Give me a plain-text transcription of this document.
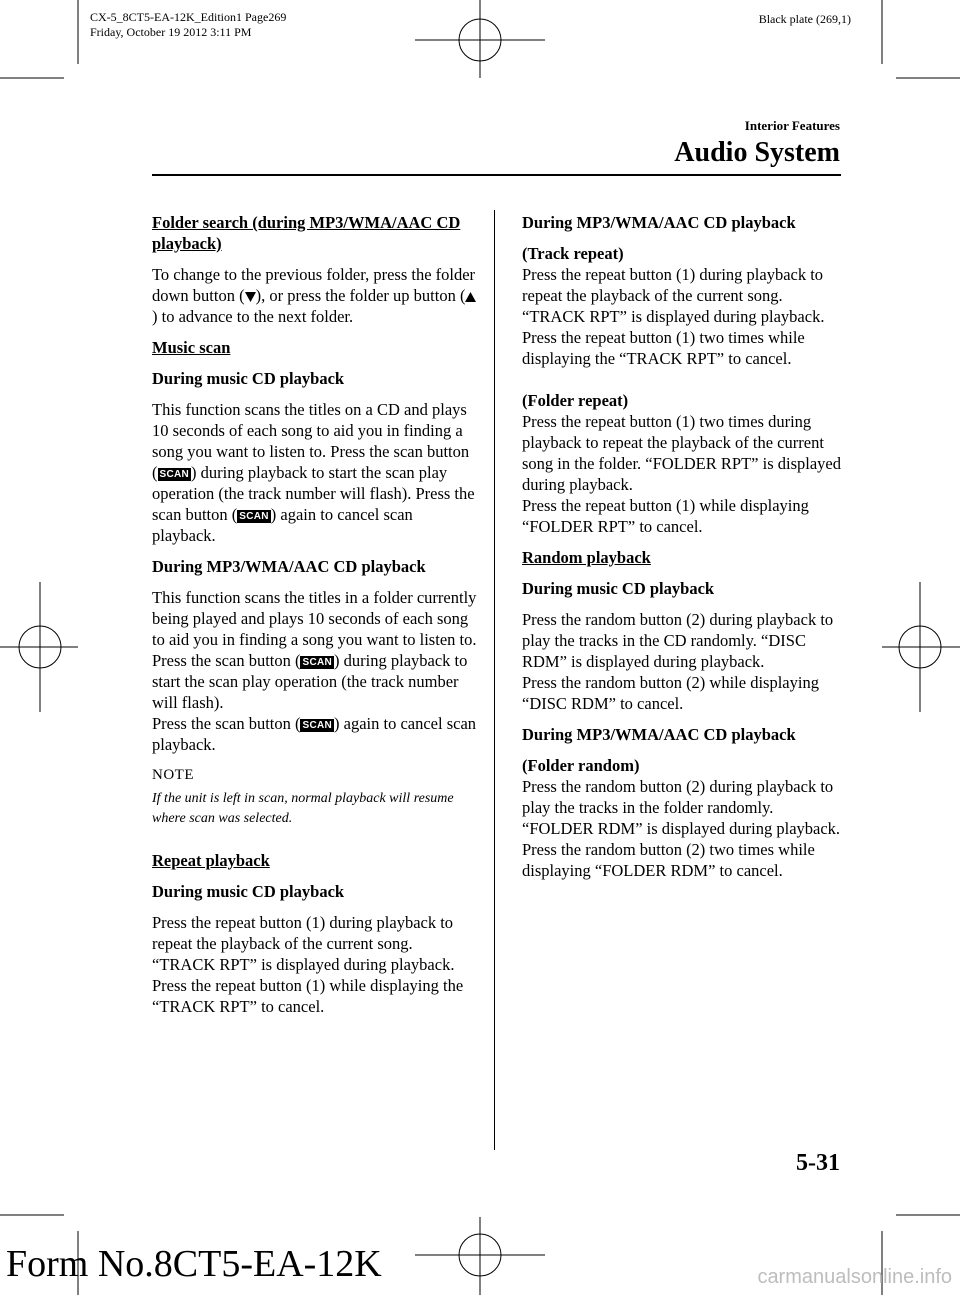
CX-5_8CT5-EA-12K_Edition1 Page269
Friday, October 19 2012 3:11 PM
Black plate (269,1)
Interior Features
Audio System
Folder search (during MP3/WMA/AAC CD playback)

To change to the previous folder, press the folder down button ( ), or press the folder up button () to advance to the next folder.

Music scan
During music CD playback

This function scans the titles on a CD and plays 10 seconds of each song to aid you in finding a song you want to listen to. Press the scan button ( SCAN ) during playback to start the scan play operation (the track number will flash). Press the scan button ( SCAN ) again to cancel scan playback.

During MP3/WMA/AAC CD playback

This function scans the titles in a folder currently being played and plays 10 seconds of each song to aid you in finding a song you want to listen to. Press the scan button ( SCAN ) during playback to start the scan play operation (the track number will flash).
Press the scan button ( SCAN ) again to cancel scan playback.

NOTE

If the unit is left in scan, normal playback will resume where scan was selected.

Repeat playback
During music CD playback

Press the repeat button (1) during playback to repeat the playback of the current song. “TRACK RPT” is displayed during playback.

Press the repeat button (1) while displaying the “TRACK RPT” to cancel.

During MP3/WMA/AAC CD playback
(Track repeat)

Press the repeat button (1) during playback to repeat the playback of the current song. “TRACK RPT” is displayed during playback.

Press the repeat button (1) two times while displaying the “TRACK RPT” to cancel.

(Folder repeat)

Press the repeat button (1) two times during playback to repeat the playback of the current song in the folder. “FOLDER RPT” is displayed during playback.

Press the repeat button (1) while displaying “FOLDER RPT” to cancel.

Random playback
During music CD playback

Press the random button (2) during playback to play the tracks in the CD randomly. “DISC RDM” is displayed during playback.

Press the random button (2) while displaying “DISC RDM” to cancel.

During MP3/WMA/AAC CD playback
(Folder random)

Press the random button (2) during playback to play the tracks in the folder randomly. “FOLDER RDM” is displayed during playback.

Press the random button (2) two times while displaying “FOLDER RDM” to cancel.

5-31
Form No.8CT5-EA-12K	carmanualsonline.info
